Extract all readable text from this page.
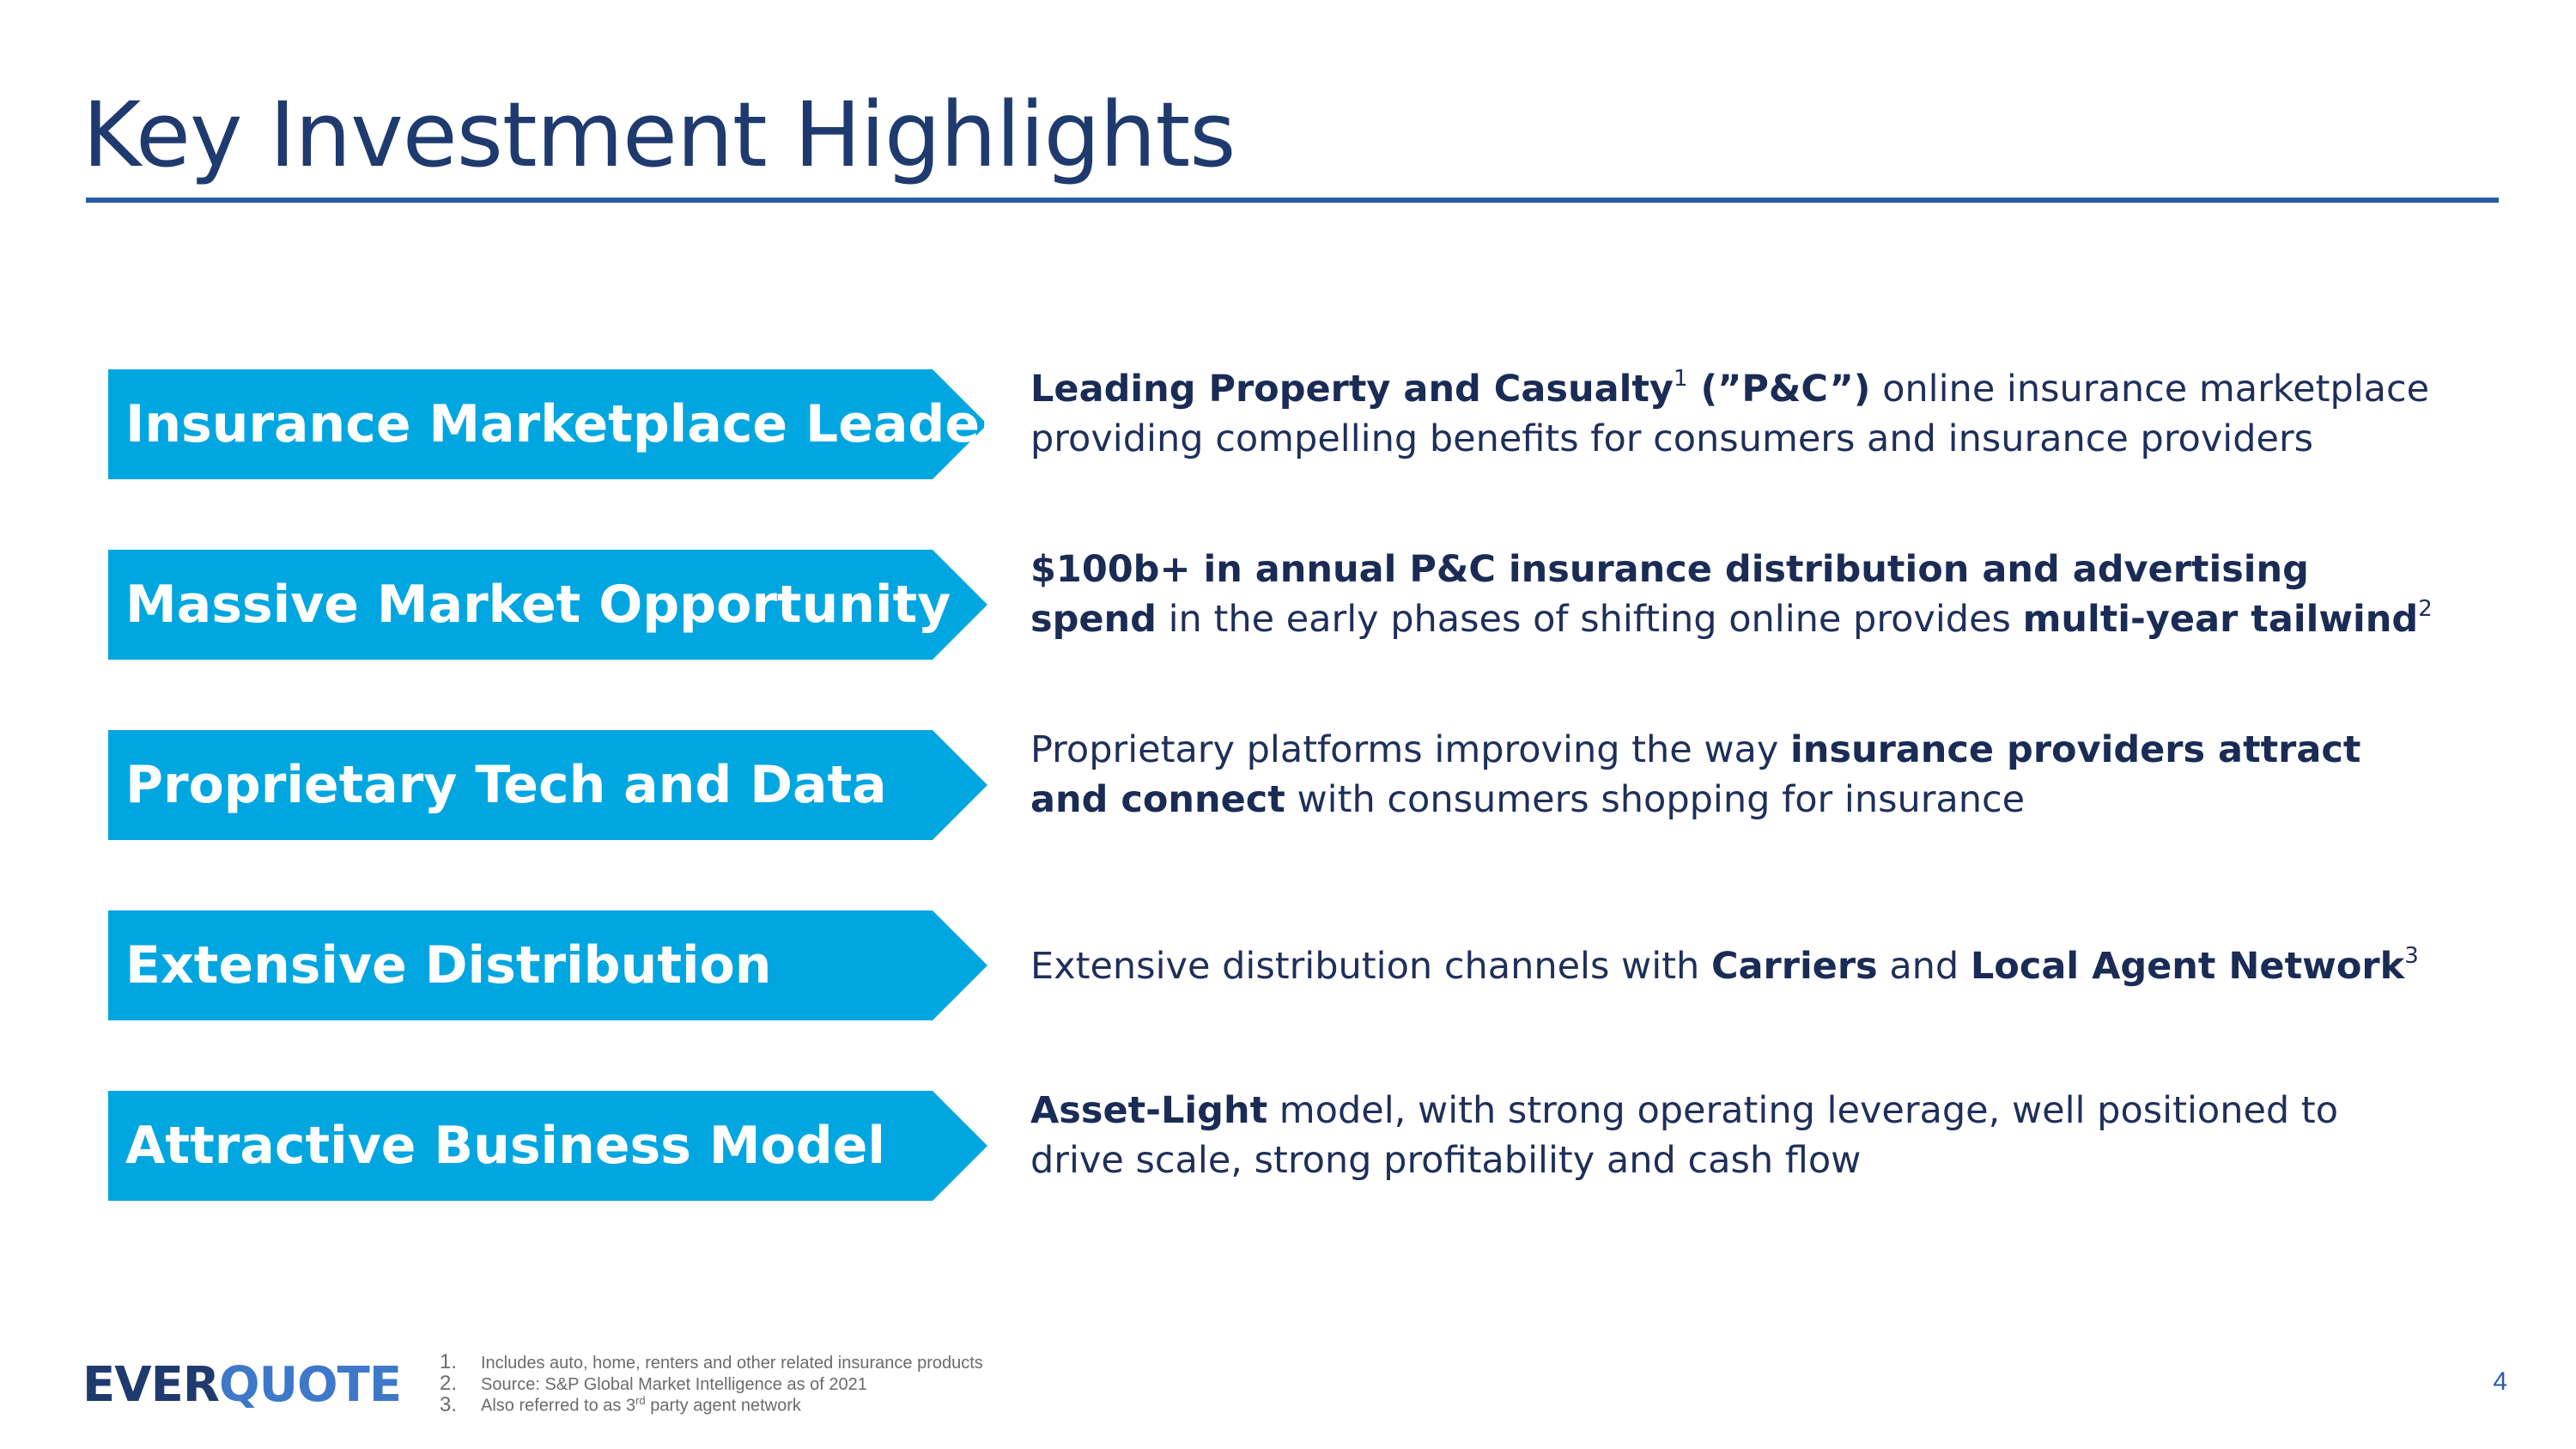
Key Investment Highlights
Insurance Marketplace Leader
Leading Property and Casualty$^1$ (”P&C”) online insurance marketplace providing compelling benefits for consumers and insurance providers
Massive Market Opportunity
$100b+ in annual P&C insurance distribution and advertising spend in the early phases of shifting online provides multi-year tailwind$^2$
Proprietary Tech and Data
Proprietary platforms improving the way insurance providers attract and connect with consumers shopping for insurance
Extensive Distribution	Extensive distribution channels with Carriers and Local Agent Network$^3$
Attractive Business Model
Asset-Light model, with strong operating leverage, well positioned to drive scale, strong profitability and cash flow
EVERQUOTE 1.	Includes auto, home, renters and other related insurance products
2.	Source: S&P Global Market Intelligence as of 2021
3.	Also referred to as 3rd party agent network
4
